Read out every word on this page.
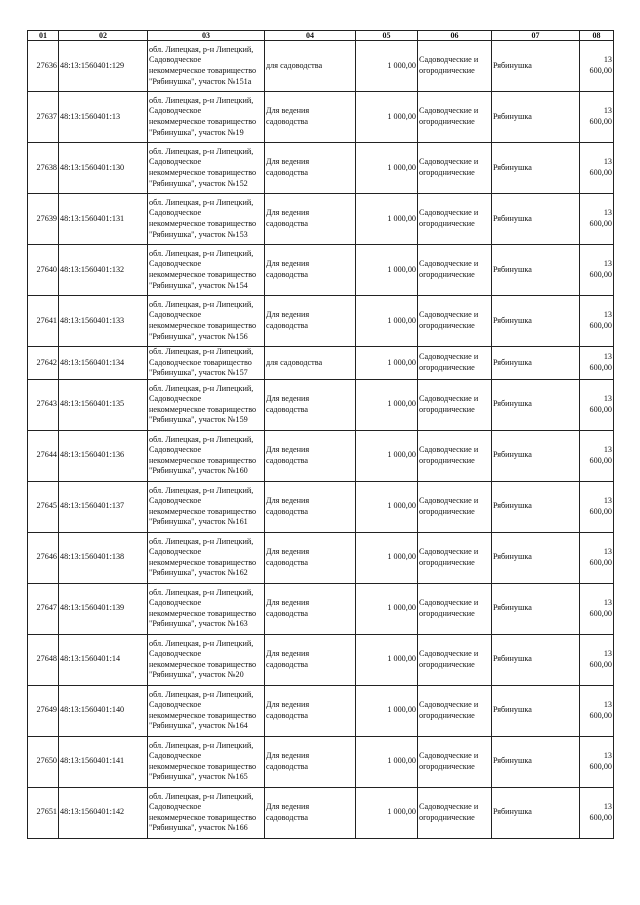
01	02	03	04	05	06	07	08
27636	48:13:1560401:129	обл. Липецкая, р-н Липецкий,
Садоводческое
некоммерческое товарищество
"Рябинушка", участок №151а	для садоводства	1 000,00	Садоводческие и
огороднические	Рябинушка	13 600,00
27637	48:13:1560401:13	обл. Липецкая, р-н Липецкий,
Садоводческое
некоммерческое товарищество
"Рябинушка", участок №19	Для ведения
садоводства	1 000,00	Садоводческие и
огороднические	Рябинушка	13 600,00
27638	48:13:1560401:130	обл. Липецкая, р-н Липецкий,
Садоводческое
некоммерческое товарищество
"Рябинушка", участок №152	Для ведения
садоводства	1 000,00	Садоводческие и
огороднические	Рябинушка	13 600,00
27639	48:13:1560401:131	обл. Липецкая, р-н Липецкий,
Садоводческое
некоммерческое товарищество
"Рябинушка", участок №153	Для ведения
садоводства	1 000,00	Садоводческие и
огороднические	Рябинушка	13 600,00
27640	48:13:1560401:132	обл. Липецкая, р-н Липецкий,
Садоводческое
некоммерческое товарищество
"Рябинушка", участок №154	Для ведения
садоводства	1 000,00	Садоводческие и
огороднические	Рябинушка	13 600,00
27641	48:13:1560401:133	обл. Липецкая, р-н Липецкий,
Садоводческое
некоммерческое товарищество
"Рябинушка", участок №156	Для ведения
садоводства	1 000,00	Садоводческие и
огороднические	Рябинушка	13 600,00
27642	48:13:1560401:134	обл. Липецкая, р-н Липецкий,
Садоводческое товарищество
"Рябинушка", участок №157	для садоводства	1 000,00	Садоводческие и
огороднические	Рябинушка	13 600,00
27643	48:13:1560401:135	обл. Липецкая, р-н Липецкий,
Садоводческое
некоммерческое товарищество
"Рябинушка", участок №159	Для ведения
садоводства	1 000,00	Садоводческие и
огороднические	Рябинушка	13 600,00
27644	48:13:1560401:136	обл. Липецкая, р-н Липецкий,
Садоводческое
некоммерческое товарищество
"Рябинушка", участок №160	Для ведения
садоводства	1 000,00	Садоводческие и
огороднические	Рябинушка	13 600,00
27645	48:13:1560401:137	обл. Липецкая, р-н Липецкий,
Садоводческое
некоммерческое товарищество
"Рябинушка", участок №161	Для ведения
садоводства	1 000,00	Садоводческие и
огороднические	Рябинушка	13 600,00
27646	48:13:1560401:138	обл. Липецкая, р-н Липецкий,
Садоводческое
некоммерческое товарищество
"Рябинушка", участок №162	Для ведения
садоводства	1 000,00	Садоводческие и
огороднические	Рябинушка	13 600,00
27647	48:13:1560401:139	обл. Липецкая, р-н Липецкий,
Садоводческое
некоммерческое товарищество
"Рябинушка", участок №163	Для ведения
садоводства	1 000,00	Садоводческие и
огороднические	Рябинушка	13 600,00
27648	48:13:1560401:14	обл. Липецкая, р-н Липецкий,
Садоводческое
некоммерческое товарищество
"Рябинушка", участок №20	Для ведения
садоводства	1 000,00	Садоводческие и
огороднические	Рябинушка	13 600,00
27649	48:13:1560401:140	обл. Липецкая, р-н Липецкий,
Садоводческое
некоммерческое товарищество
"Рябинушка", участок №164	Для ведения
садоводства	1 000,00	Садоводческие и
огороднические	Рябинушка	13 600,00
27650	48:13:1560401:141	обл. Липецкая, р-н Липецкий,
Садоводческое
некоммерческое товарищество
"Рябинушка", участок №165	Для ведения
садоводства	1 000,00	Садоводческие и
огороднические	Рябинушка	13 600,00
27651	48:13:1560401:142	обл. Липецкая, р-н Липецкий,
Садоводческое
некоммерческое товарищество
"Рябинушка", участок №166	Для ведения
садоводства	1 000,00	Садоводческие и
огороднические	Рябинушка	13 600,00
